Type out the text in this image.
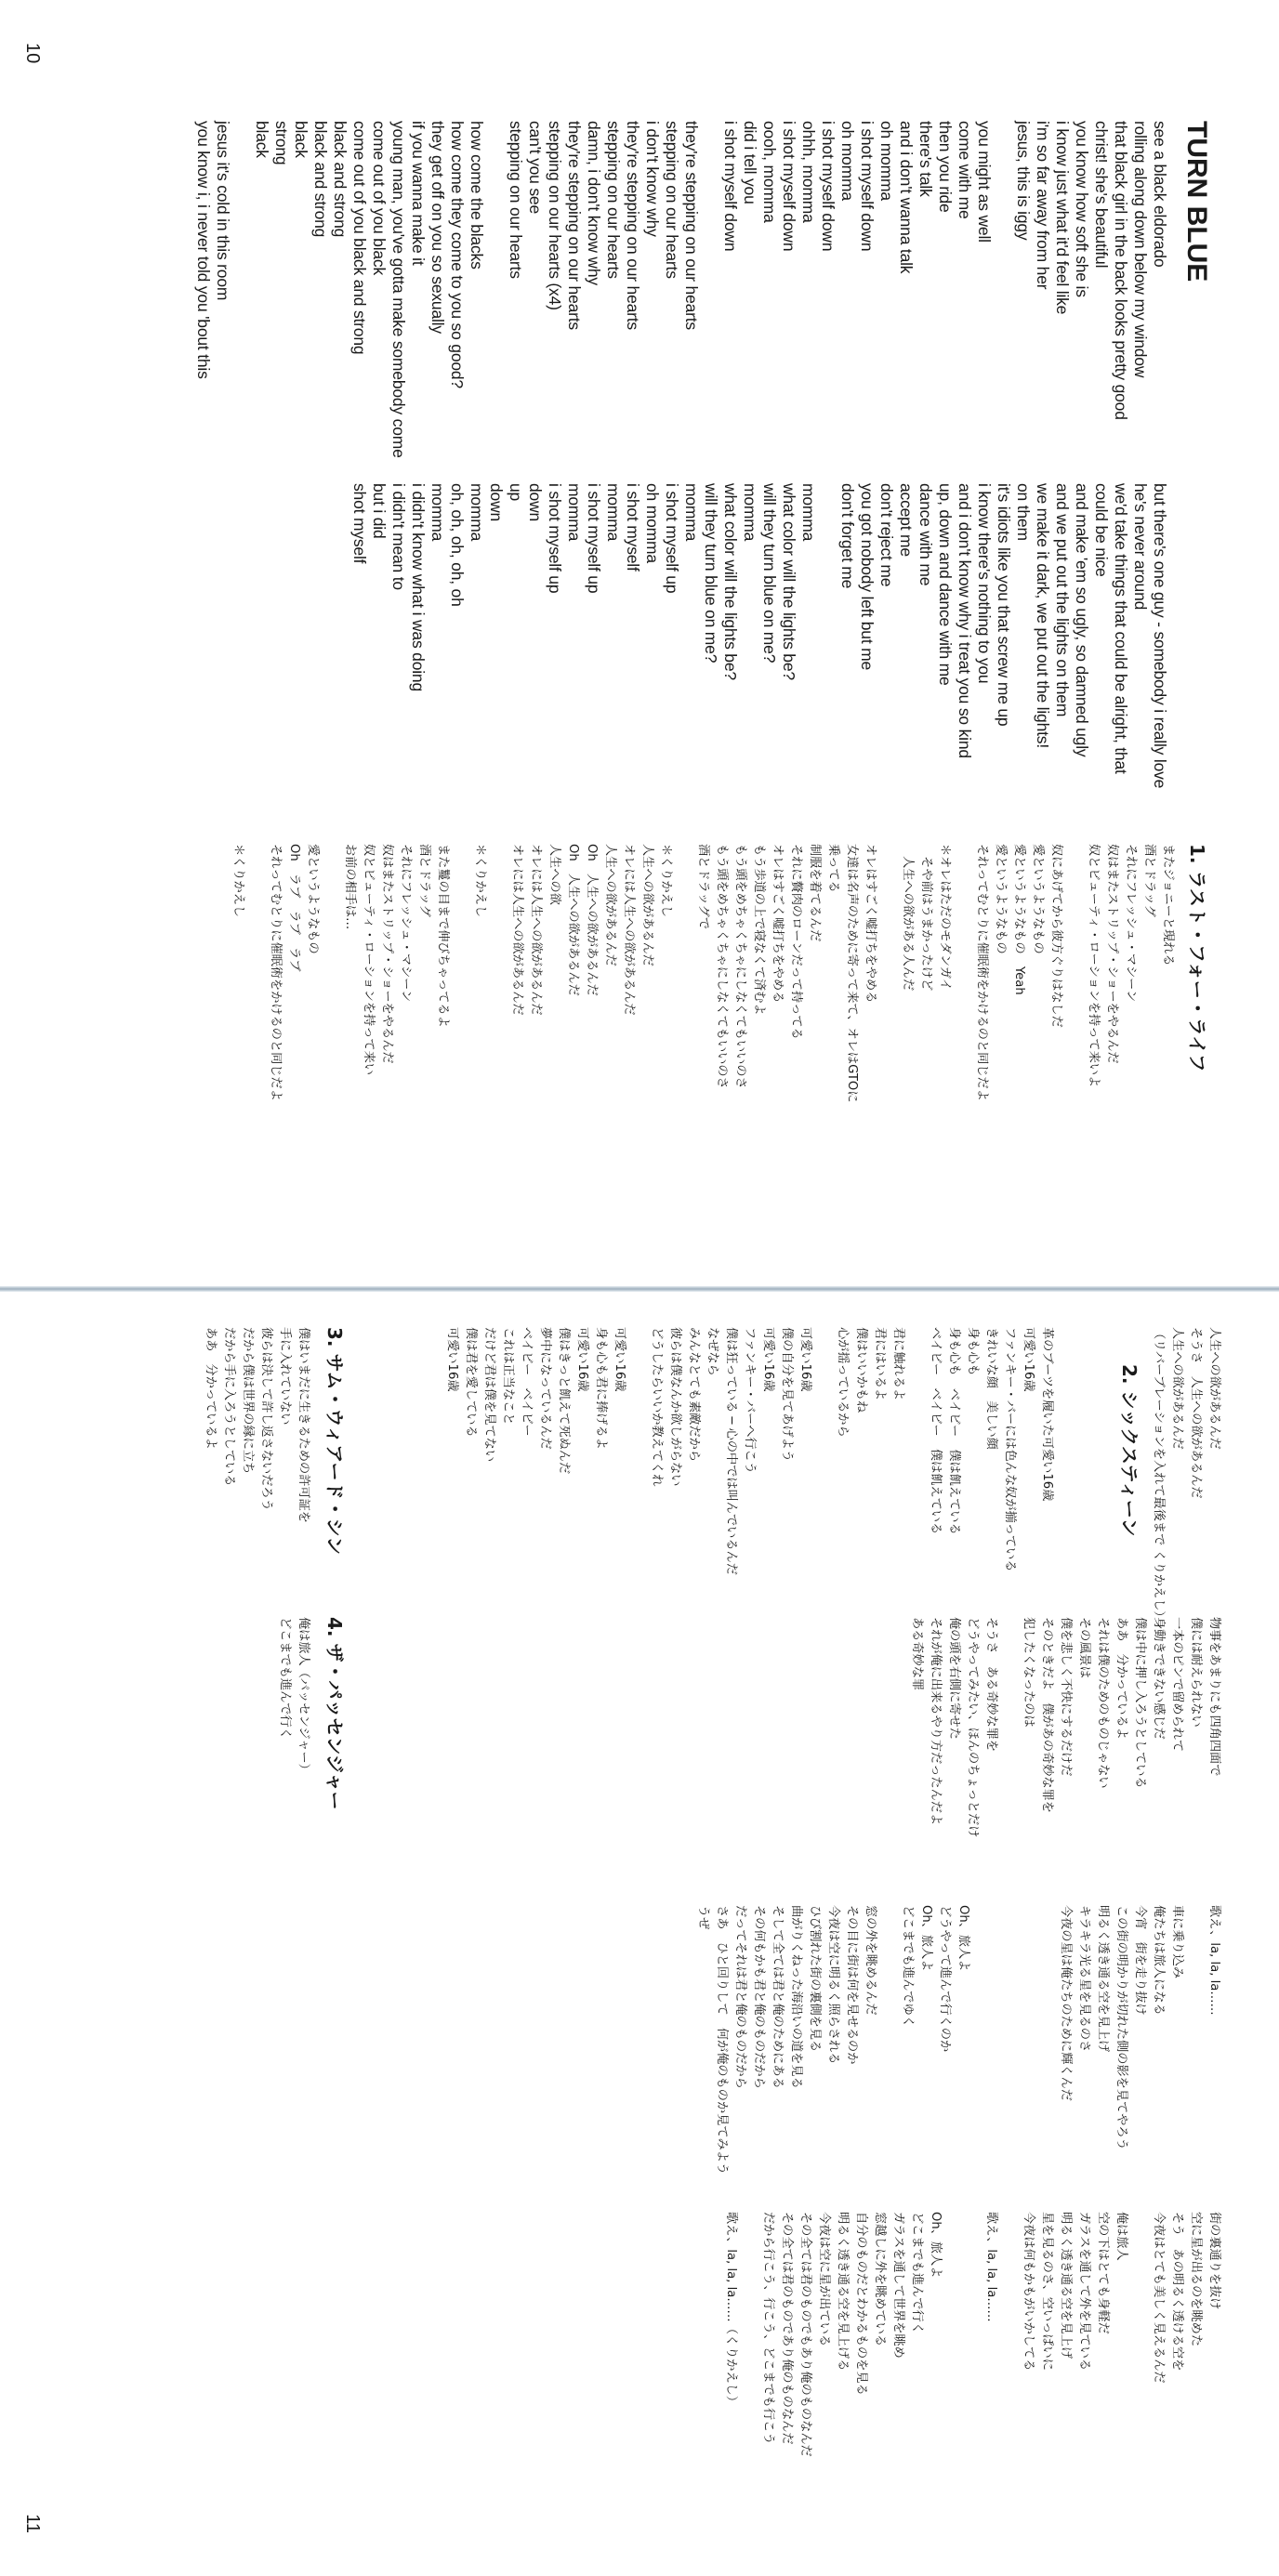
10
11
TURN BLUE
see a black eldorado
rolling along down below my window
that black girl in the back looks pretty good
christ! she's beautiful
you know how soft she is
i know just what it'd feel like
i'm so far away from her
jesus, this is iggy

you might as well
come with me
then you ride
there's talk
and i don't wanna talk
oh momma
i shot myself down
oh momma
i shot myself down
ohhh, momma
i shot myself down
oooh, momma
did i tell you
i shot myself down

they're stepping on our hearts
stepping on our hearts
i don't know why
they're stepping on our hearts
stepping on our hearts
damn, i don't know why
they're stepping on our hearts
stepping on our hearts (x4)
can't you see
stepping on our hearts

how come the blacks
how come they come to you so good?
they get off on you so sexually
if you wanna make it
young man, you've gotta make somebody come
come out of you black
come out of you black and strong
black and strong
black and strong
black
strong
black

jesus it's cold in this room
you know i, i never told you 'bout this
but there's one guy - somebody i really love
he's never around
we'd take things that could be alright, that
could be nice
and make 'em so ugly, so damned ugly
and we put out the lights on them
we make it dark, we put out the lights!
on them
it's idiots like you that screw me up
i know there's nothing to you
and i don't know why i treat you so kind
up, down and dance with me
dance with me
accept me
don't reject me
you got nobody left but me
don't forget me

momma
what color will the lights be?
will they turn blue on me?
momma
what color will the lights be?
will they turn blue on me?
momma
i shot myself up
oh momma
i shot myself
momma
i shot myself up
momma
i shot myself up
down
up
down
momma
oh, oh, oh, oh, oh
momma
i didn't know what i was doing
i didn't mean to
but i did
shot myself
1. ラスト・フォー・ライフ
またジョニーと現れる
酒とドラッグ
それにフレッシュ・マシーン
奴はまたストリップ・ショーをやるんだ
奴とビューティ・ローションを持って来いよ

奴にあげてから彼方ぐりはなしだ
愛というようなもの
愛というようなもの　Yeah
愛というようなもの
それってむとりに催眠術をかけるのと同じだよ

＊オレはただのモダンガイ
　そや前はうまかったけど
　人生への欲がある人んだ

オレはすごく嘘打ちをやめる
女達は名声のために寄って来て、オレはGTOに
乗ってる
制服を着てるんだ
それに贅肉のローンだって持ってる
オレはすごく嘘打ちをやめる
もう歩道の上で寝なくて済むよ
もう頭をめちゃくちゃにしなくてもいいのさ
もう頭をめちゃくちゃにしなくてもいいのさ
酒とドラッグで

＊くりかえし
人生への欲があるんだ
オレには人生への欲があるんだ
人生への欲があるんだ
Oh　人生への欲があるんだ
Oh　人生への欲があるんだ
人生への欲
オレには人生への欲があるんだ
オレには人生への欲があるんだ

＊くりかえし

また鬘の目まで伸びちゃってるよ
酒とドラッグ
それにフレッシュ・マシーン
奴はまたストリップ・ショーをやるんだ
奴とビューティ・ローションを持って来い
お前の相手は…

愛というようなもの
Oh　ラブ　ラブ　ラブ
それってむとりに催眠術をかけるのと同じだよ

＊くりかえし
人生への欲があるんだ
そうさ　人生への欲があるんだ
人生への欲があるんだ
（リバーブレーションを入れて最後まで くりかえし）

革のブーツを履いた可愛い16歳
可愛い16歳
ファンキー・バーには色んな奴が揃っている
きれいな顔　美しい顔
身も心も
身も心も　ベイビー　僕は飢えている
ベイビー　ベイビー　僕は飢えている

君に触れるよ
君にはいるよ
僕はいいかもね
心が揺っているから

可愛い16歳
僕の自分を見てあげよう
可愛い16歳
ファンキー・バーへ行こう
僕は狂っている ─ 心の中では叫んでいるんだ
なぜなら
みんなとても素敵だから
彼らは僕なんか欲しがらない
どうしたらいいか教えてくれ

可愛い16歳
身も心も君に捧げるよ
可愛い16歳
僕はきっと飢えて死ぬんだ
夢中になっているんだ
ベイビー　ベイビー
これは正当なこと
だけど君は僕を見てない
僕は君を愛している
可愛い16歳
2. シックスティーン
3. サム・ウィアード・シン
僕はいまだに生きるための許可証を
手に入れていない
彼らは決して許し返さないだろう
だから僕は世界の縁に立ち
だから手に入ろうとしている
ああ　分かっているよ
物事をあまりにも四角四面で
僕には耐えられない
一本のピンで留められて
身動きできない感じだ
僕は中に押し入ろうとしている
ああ　分かっているよ
それは僕のためのものじゃない
その風景は
僕を悲しく不快にするだけだ
そのときだよ　僕があの奇妙な罪を
犯したくなったのは

そうさ　ある奇妙な罪を
どうやってみたい、ほんのちょっとだけ
俺の頭を右側に寄せた
それが俺に出来るやり方だったんだよ
ある奇妙な罪
4. ザ・パッセンジャー
俺は旅人（パッセンジャー）
どこまでも進んで行く
歌え、la, la, la……

車に乗り込み
俺たちは旅人になる
今宵　街を走り抜け
この街の明かりが切れた側の影を見てやろう
明るく透き通る空を見上げ
キラキラ光る星を見るのさ
今夜の星は俺たちのために輝くんだ
Oh、旅人よ
どうやって進んで行くのか
Oh、旅人よ
どこまでも進んでゆく

窓の外を眺めるんだ
その目に街は何を見せるのか
今夜は空に明るく照らされる
ひび割れた街の裏側を見る
曲がりくねった海沿いの道を見る
そして全ては君と俺のためにある
その何もかも君と俺のものだから
だってそれは君と俺のものだから
さあ　ひと回りして　何が俺のものか見てみよう
うぜ
街の裏通りを抜け
空に星が出るのを眺めた
そう　あの明るく透ける空を
今夜はとても美しく見えるんだ

俺は旅人
空の下はとても身軽だ
ガラスを通して外を見ている
明るく透き通る空を見上げ
星を見るのさ、空いっぱいに
今夜は何もかもがいかしてる

歌え、la, la, la……
Oh、旅人よ
どこまでも進んで行く
ガラスを通して世界を眺め
窓越しに外を眺めている
自分のものだとわかるものを見る
明るく透き通る空を見上げる
今夜は空に星が出ている
その全ては君のものでもあり俺のものなんだ
その全ては君のものであり俺のものなんだ
だから行こう、行こう、どこまでも行こう

歌え、la, la, la……（くりかえし）
